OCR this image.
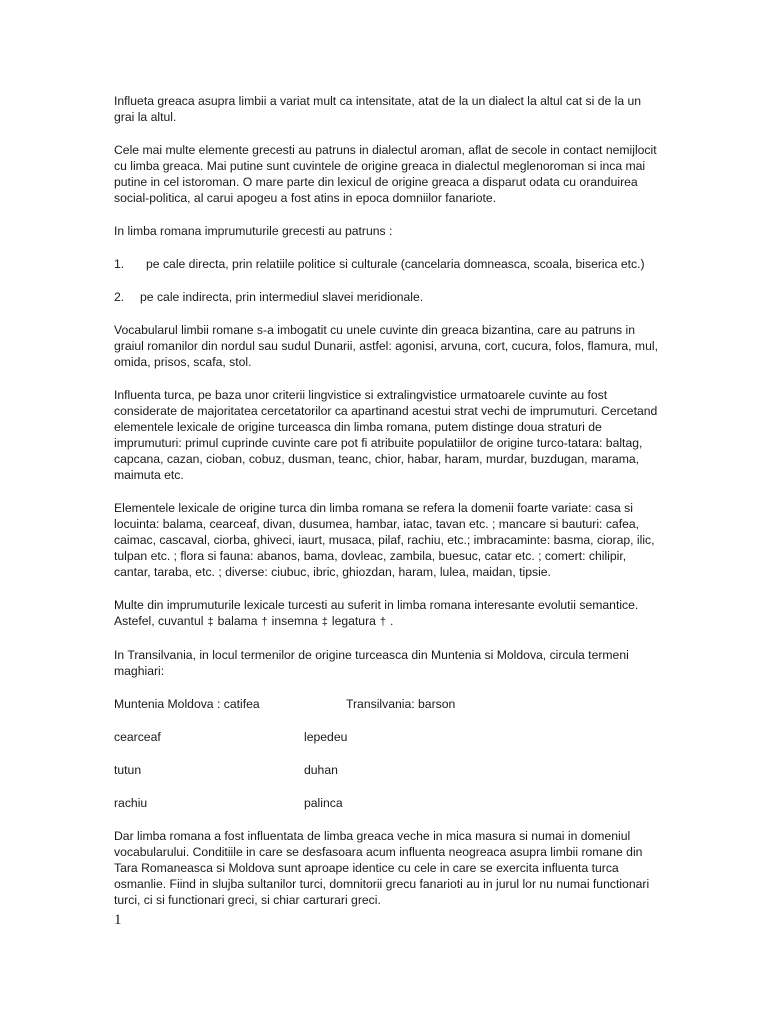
Influeta greaca asupra limbii a variat mult ca intensitate, atat de la un dialect la altul cat si de la un grai la altul.

Cele mai multe elemente grecesti au patruns in dialectul aroman, aflat de secole in contact nemijlocit cu limba greaca. Mai putine sunt cuvintele de origine greaca in dialectul meglenoroman si inca mai putine in cel istoroman. O mare parte din lexicul de origine greaca a disparut odata cu oranduirea social-politica, al carui apogeu a fost atins in epoca domniilor fanariote.

In limba romana imprumuturile grecesti au patruns :

1. pe cale directa, prin relatiile politice si culturale (cancelaria domneasca, scoala, biserica etc.)
2. pe cale indirecta, prin intermediul slavei meridionale.

Vocabularul limbii romane s-a imbogatit cu unele cuvinte din greaca bizantina, care au patruns in graiul romanilor din nordul sau sudul Dunarii, astfel: agonisi, arvuna, cort, cucura, folos, flamura, mul, omida, prisos, scafa, stol.

Influenta turca, pe baza unor criterii lingvistice si extralingvistice urmatoarele cuvinte au fost considerate de majoritatea cercetatorilor ca apartinand acestui strat vechi de imprumuturi. Cercetand elementele lexicale de origine turceasca din limba romana, putem distinge doua straturi de imprumuturi: primul cuprinde cuvinte care pot fi atribuite populatiilor de origine turco-tatara: baltag, capcana, cazan, cioban, cobuz, dusman, teanc, chior, habar, haram, murdar, buzdugan, marama, maimuta etc.

Elementele lexicale de origine turca din limba romana se refera la domenii foarte variate: casa si locuinta: balama, cearceaf, divan, dusumea, hambar, iatac, tavan etc. ; mancare si bauturi: cafea, caimac, cascaval, ciorba, ghiveci, iaurt, musaca, pilaf, rachiu, etc.; imbracaminte: basma, ciorap, ilic, tulpan etc. ; flora si fauna: abanos, bama, dovleac, zambila, buesuc, catar etc. ; comert: chilipir, cantar, taraba, etc. ; diverse: ciubuc, ibric, ghiozdan, haram, lulea, maidan, tipsie.

Multe din imprumuturile lexicale turcesti au suferit in limba romana interesante evolutii semantice.
Astefel, cuvantul ‡ balama † insemna ‡ legatura † .

In Transilvania, in locul termenilor de origine turceasca din Muntenia si Moldova, circula termeni maghiari:

Muntenia Moldova : catifea	Transilvania: barson
cearceaf	lepedeu
tutun	duhan
rachiu	palinca

Dar limba romana a fost influentata de limba greaca veche in mica masura si numai in domeniul vocabularului. Conditiile in care se desfasoara acum influenta neogreaca asupra limbii romane din Tara Romaneasca si Moldova sunt aproape identice cu cele in care se exercita influenta turca osmanlie. Fiind in slujba sultanilor turci, domnitorii grecu fanarioti au in jurul lor nu numai functionari turci, ci si functionari greci, si chiar carturari greci.

1
